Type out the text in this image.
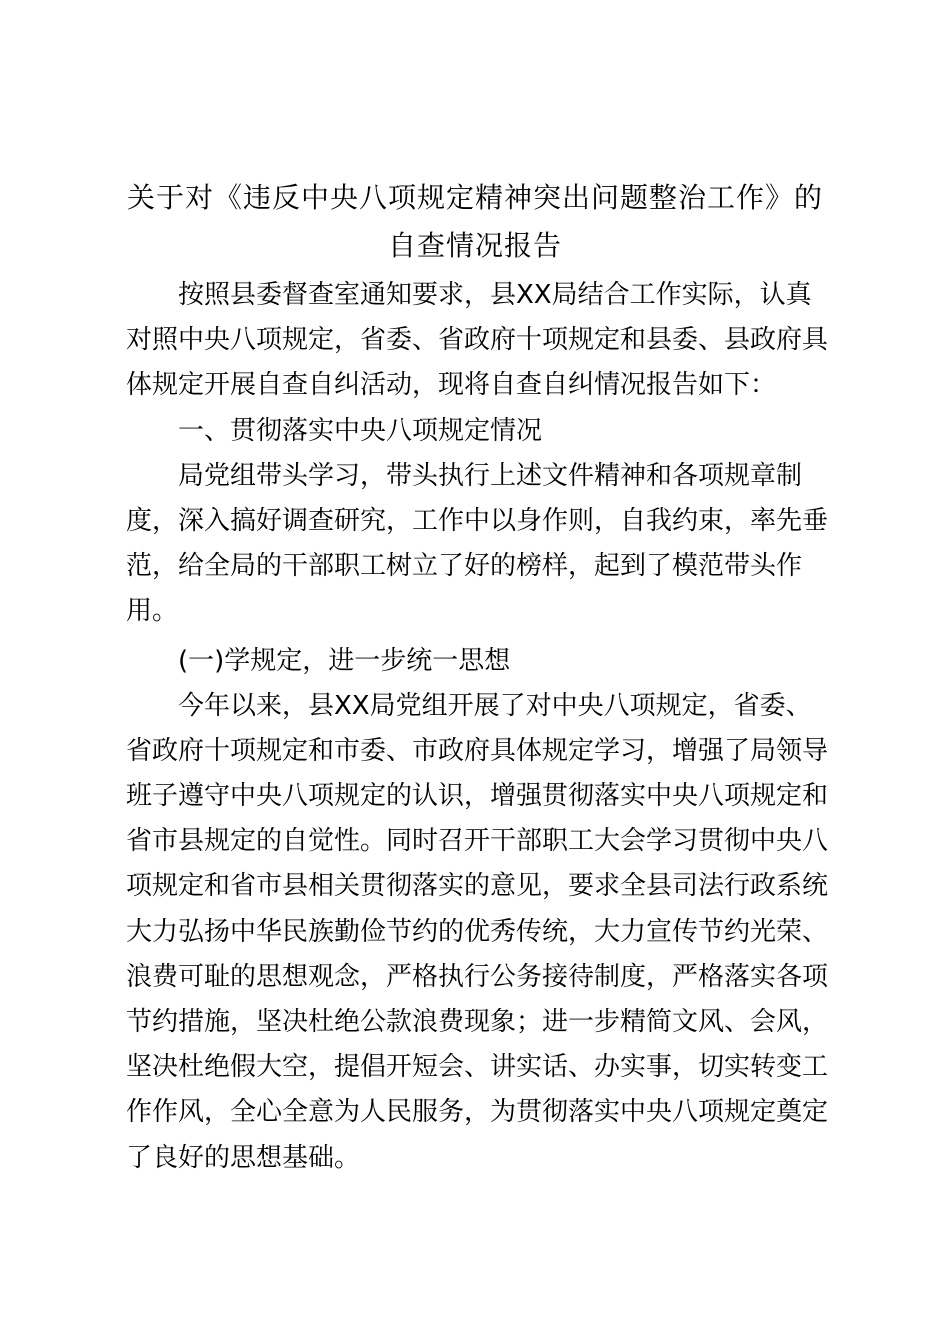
关于对《违反中央八项规定精神突出问题整治工作》的
自查情况报告
按照县委督查室通知要求，县XX局结合工作实际，认真
对照中央八项规定，省委、省政府十项规定和县委、县政府具
体规定开展自查自纠活动，现将自查自纠情况报告如下：
一、贯彻落实中央八项规定情况
局党组带头学习，带头执行上述文件精神和各项规章制
度，深入搞好调查研究，工作中以身作则，自我约束，率先垂
范，给全局的干部职工树立了好的榜样，起到了模范带头作
用。
(一)学规定，进一步统一思想
今年以来，县XX局党组开展了对中央八项规定，省委、
省政府十项规定和市委、市政府具体规定学习，增强了局领导
班子遵守中央八项规定的认识，增强贯彻落实中央八项规定和
省市县规定的自觉性。同时召开干部职工大会学习贯彻中央八
项规定和省市县相关贯彻落实的意见，要求全县司法行政系统
大力弘扬中华民族勤俭节约的优秀传统，大力宣传节约光荣、
浪费可耻的思想观念，严格执行公务接待制度，严格落实各项
节约措施，坚决杜绝公款浪费现象；进一步精简文风、会风，
坚决杜绝假大空，提倡开短会、讲实话、办实事，切实转变工
作作风，全心全意为人民服务，为贯彻落实中央八项规定奠定
了良好的思想基础。
